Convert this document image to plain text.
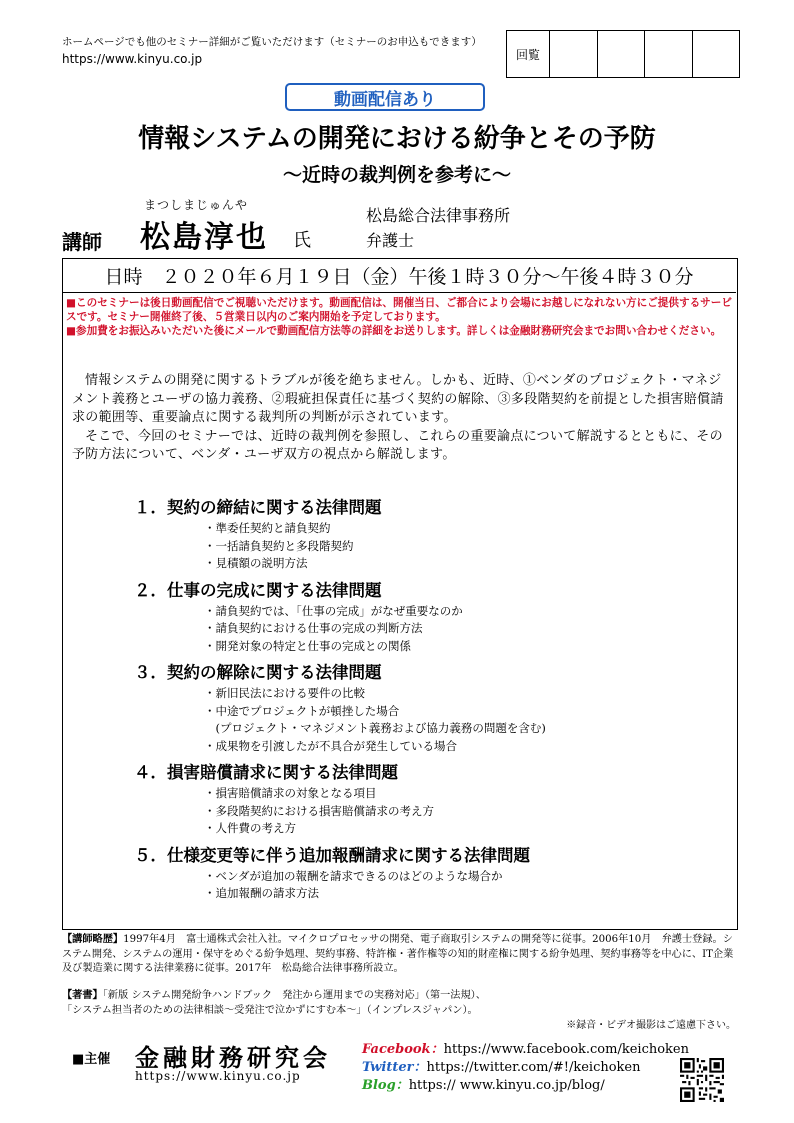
ホームページでも他のセミナー詳細がご覧いただけます（セミナーのお申込もできます）
https://www.kinyu.co.jp	回覧
動画配信あり
情報システムの開発における紛争とその予防
～近時の裁判例を参考に～
まつしまじゅんや
講師 松島淳也 氏
松島総合法律事務所
弁護士
日時　２０２０年６月１９日（金）午後１時３０分～午後４時３０分

■このセミナーは後日動画配信でご視聴いただけます。動画配信は、開催当日、ご都合により会場にお越しになれない方にご提供するサービスです。セミナー開催終了後、５営業日以内のご案内開始を予定しております。

■参加費をお振込みいただいた後にメールで動画配信方法等の詳細をお送りします。詳しくは金融財務研究会までお問い合わせください。

情報システムの開発に関するトラブルが後を絶ちません。しかも、近時、①ベンダのプロジェクト・マネジメント義務とユーザの協力義務、②瑕疵担保責任に基づく契約の解除、③多段階契約を前提とした損害賠償請求の範囲等、重要論点に関する裁判所の判断が示されています。

そこで、今回のセミナーでは、近時の裁判例を参照し、これらの重要論点について解説するとともに、その予防方法について、ベンダ・ユーザ双方の視点から解説します。

１．契約の締結に関する法律問題
・準委任契約と請負契約
・一括請負契約と多段階契約
・見積額の説明方法
２．仕事の完成に関する法律問題
・請負契約では、「仕事の完成」がなぜ重要なのか
・請負契約における仕事の完成の判断方法
・開発対象の特定と仕事の完成との関係
３．契約の解除に関する法律問題
・新旧民法における要件の比較
・中途でプロジェクトが頓挫した場合
　(プロジェクト・マネジメント義務および協力義務の問題を含む)
・成果物を引渡したが不具合が発生している場合
４．損害賠償請求に関する法律問題
・損害賠償請求の対象となる項目
・多段階契約における損害賠償請求の考え方
・人件費の考え方
５．仕様変更等に伴う追加報酬請求に関する法律問題
・ベンダが追加の報酬を請求できるのはどのような場合か
・追加報酬の請求方法

【講師略歴】1997年4月　富士通株式会社入社。マイクロプロセッサの開発、電子商取引システムの開発等に従事。2006年10月　弁護士登録。システム開発、システムの運用・保守をめぐる紛争処理、契約事務、特許権・著作権等の知的財産権に関する紛争処理、契約事務等を中心に、IT企業及び製造業に関する法律業務に従事。2017年　松島総合法律事務所設立。

【著書】「新版 システム開発紛争ハンドブック　発注から運用までの実務対応」（第一法規）、

「システム担当者のための法律相談～受発注で泣かずにすむ本～」（インプレスジャパン）。

※録音・ビデオ撮影はご遠慮下さい。
■主催 金融財務研究会
https://www.kinyu.co.jp
Facebook：https://www.facebook.com/keichoken
Twitter：https://twitter.com/#!/keichoken
Blog：https:// www.kinyu.co.jp/blog/
